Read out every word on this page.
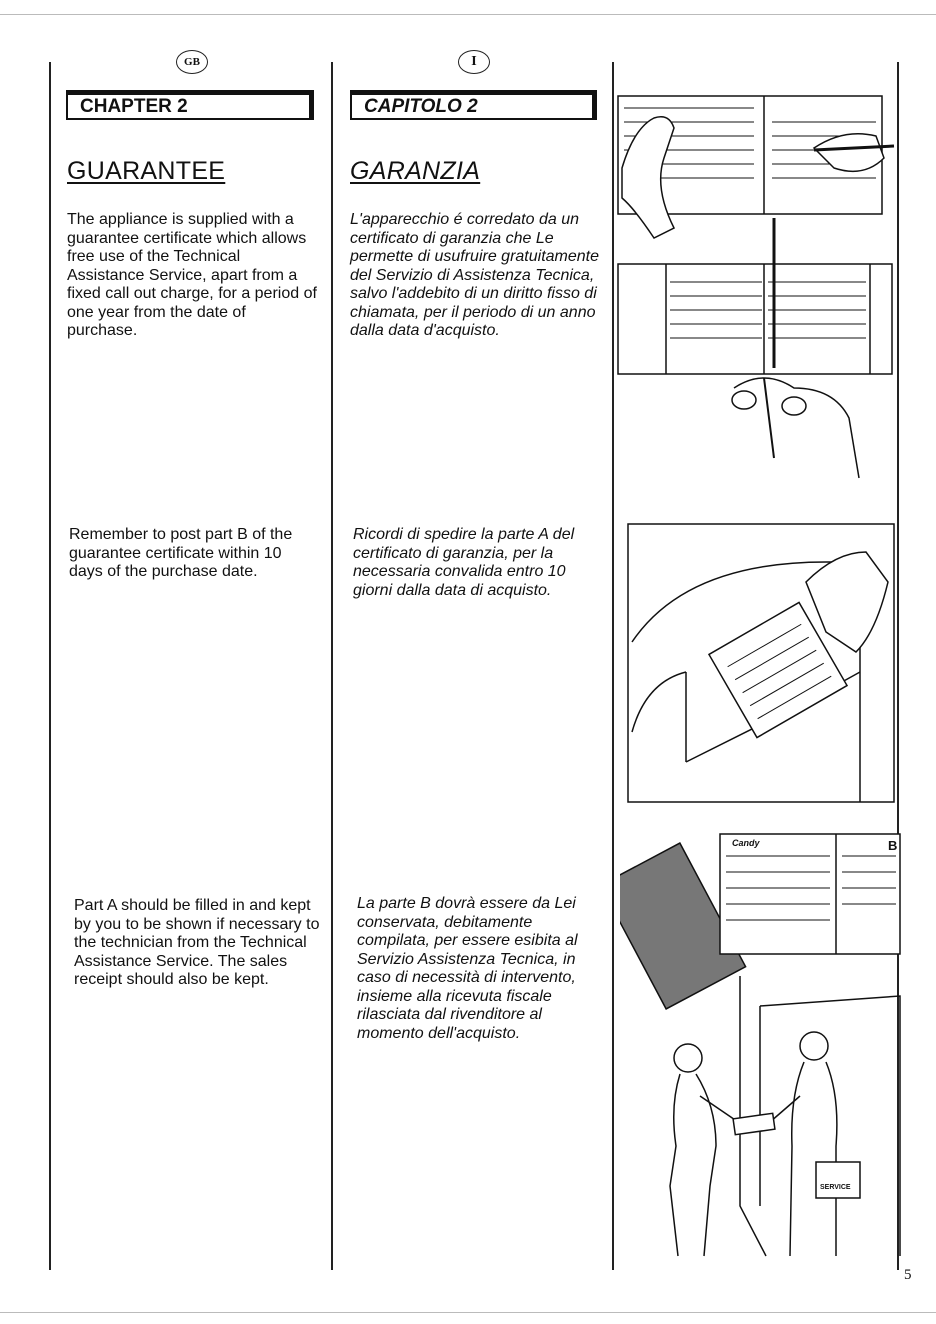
GB	I
CHAPTER 2	CAPITOLO 2
GUARANTEE	GARANZIA
The appliance is supplied with a guarantee certificate which allows free use of the Technical Assistance Service, apart from a fixed call out charge, for a period of one year from the date of purchase.
Remember to post part B of the guarantee certificate within 10 days of the purchase date.
Part A should be filled in and kept by you to be shown if necessary to the technician from the Technical Assistance Service. The sales receipt should also be kept.
L'apparecchio é corredato da un certificato di garanzia che Le permette di usufruire gratuitamente del Servizio di Assistenza Tecnica, salvo l'addebito di un diritto fisso di chiamata, per il periodo di un anno dalla data d'acquisto.
Ricordi di spedire la parte A del certificato di garanzia, per la necessaria convalida entro 10 giorni dalla data di acquisto.
La parte B dovrà essere da Lei conservata, debitamente compilata, per essere esibita al Servizio Assistenza Tecnica, in caso di necessità di intervento, insieme alla ricevuta fiscale rilasciata dal rivenditore al momento dell'acquisto.
Candy	B
SERVICE
5
